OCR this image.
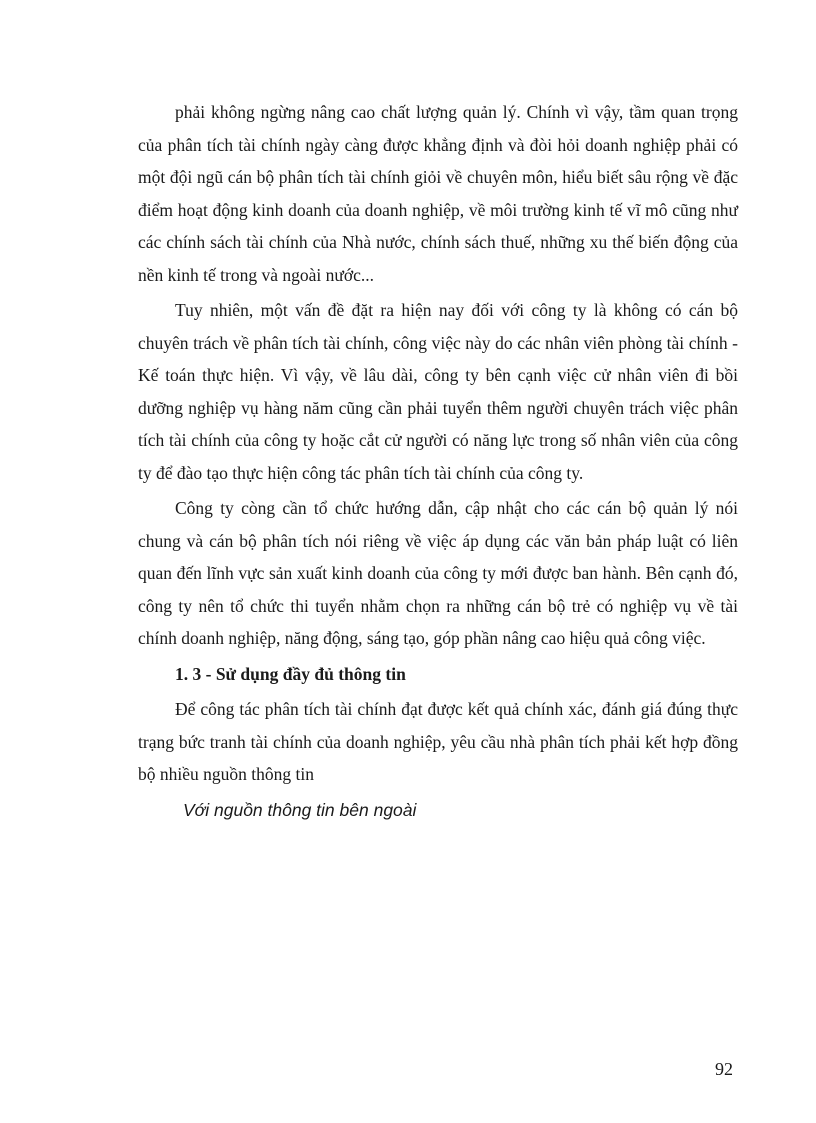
phải không ngừng nâng cao chất lượng quản lý. Chính vì vậy, tầm quan trọng của phân tích tài chính ngày càng được khẳng định và đòi hỏi doanh nghiệp phải có một đội ngũ cán bộ phân tích tài chính giỏi về chuyên môn, hiểu biết sâu rộng về đặc điểm hoạt động kinh doanh của doanh nghiệp, về môi trường kinh tế vĩ mô cũng như các chính sách tài chính của Nhà nước, chính sách thuế, những xu thế biến động của nền kinh tế trong và ngoài nước...

Tuy nhiên, một vấn đề đặt ra hiện nay đối với công ty là không có cán bộ chuyên trách về phân tích tài chính, công việc này do các nhân viên phòng tài chính - Kế toán thực hiện. Vì vậy, về lâu dài, công ty bên cạnh việc cử nhân viên đi bồi dưỡng nghiệp vụ hàng năm cũng cần phải tuyển thêm người chuyên trách việc phân tích tài chính của công ty hoặc cắt cử người có năng lực trong số nhân viên của công ty để đào tạo thực hiện công tác phân tích tài chính của công ty.

Công ty còng cần tổ chức hướng dẫn, cập nhật cho các cán bộ quản lý nói chung và cán bộ phân tích nói riêng về việc áp dụng các văn bản pháp luật có liên quan đến lĩnh vực sản xuất kinh doanh của công ty mới được ban hành. Bên cạnh đó, công ty nên tổ chức thi tuyển nhằm chọn ra những cán bộ trẻ có nghiệp vụ về tài chính doanh nghiệp, năng động, sáng tạo, góp phần nâng cao hiệu quả công việc.

1. 3 - Sử dụng đầy đủ thông tin

Để công tác phân tích tài chính đạt được kết quả chính xác, đánh giá đúng thực trạng bức tranh tài chính của doanh nghiệp, yêu cầu nhà phân tích phải kết hợp đồng bộ nhiều nguồn thông tin

Với nguồn thông tin bên ngoài

92
